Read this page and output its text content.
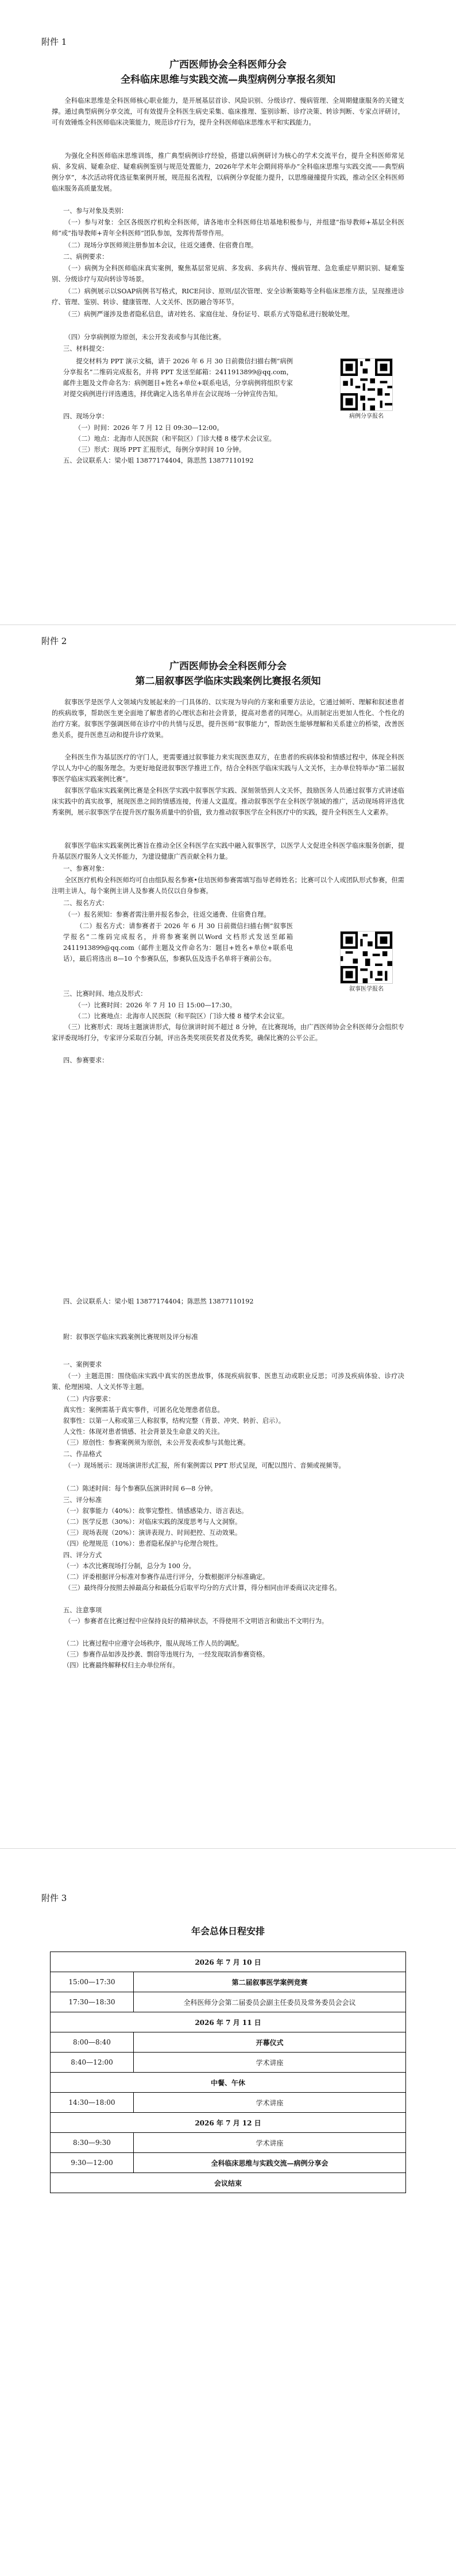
附件 1
广西医师协会全科医师分会
全科临床思维与实践交流—典型病例分享报名须知
全科临床思维是全科医师核心职业能力，是开展基层首诊、风险识别、分级诊疗、慢病管理、全周期健康服务的关键支撑。通过典型病例分享交流，可有效提升全科医生病史采集、临床推理、鉴别诊断、诊疗决策、转诊判断、专家点评研讨，可有效锤炼全科医师临床决策能力，规范诊疗行为，提升全科医师临床思维水平和实践能力。
为强化全科医师临床思维训练，推广典型病例诊疗经验，搭建以病例研讨为核心的学术交流平台，提升全科医师常见病、多发病、疑难杂症、疑难病例鉴别与规范处置能力，2026年学术年会期间将举办“全科临床思维与实践交流——典型病例分享”，本次活动将优选征集案例开展，规范报名流程，以病例分享促能力提升，以思维碰撞提升实践，推动全区全科医师临床服务高质量发展。
一、参与对象及类别：
（一）参与对象：全区各级医疗机构全科医师，请各地市全科医师住培基地积极参与，并组建“指导教师+基层全科医师”或“指导教师+青年全科医师”团队参加，发挥传帮带作用。
（二）现场分享医师须注册参加本会议，往返交通费、住宿费自理。
二、病例要求：
（一）病例为全科医师临床真实案例，聚焦基层常见病、多发病、多病共存、慢病管理、急危重症早期识别、疑难鉴别、分级诊疗与双向转诊等场景。
（二）病例展示以SOAP病例书写格式，RICE问诊、原则/层次管理、安全诊断策略等全科临床思维方法，呈现推进诊疗、管理、鉴别、转诊、健康管理、人文关怀、医防融合等环节。
（三）病例严谨涉及患者隐私信息，请对姓名、家庭住址、身份证号、联系方式等隐私进行脱敏处理。
（四）分享病例原为原创，未公开发表或参与其他比赛。
三、材料提交：
提交材料为 PPT 演示文稿，请于 2026 年 6 月 30 日前微信扫描右侧“病例分享报名”二维码完成报名，并将 PPT 发送至邮箱：2411913899@qq.com，邮件主题及文件命名为：病例题目+姓名+单位+联系电话，分享病例将组织专家对提交病例进行评选遴选，择优确定入选名单并在会议现场一分钟宣传告知。
病例分享报名
四、现场分享：
（一）时间：2026 年 7 月 12 日 09:30—12:00。
（二）地点：北海市人民医院（和平院区）门诊大楼 8 楼学术会议室。
（三）形式：现场 PPT 汇报形式，每例分享时间 10 分钟。
五、会议联系人：梁小姐 13877174404，陈思然 13877110192
附件 2
广西医师协会全科医师分会
第二届叙事医学临床实践案例比赛报名须知
叙事医学是医学人文领域内发展起来的一门具体的、以实现为导向的方案和重要方法论，它通过倾听、理解和叙述患者的疾病故事，帮助医生更全面地了解患者的心理状态和社会背景，提高对患者的同理心。从而制定出更加人性化、个性化的治疗方案。叙事医学强调医师在诊疗中的共情与反思，提升医师“叙事能力”，帮助医生能够理解和关系建立的桥梁，改善医患关系，提升医患互动和提升诊疗效果。
全科医生作为基层医疗的守门人，更需要通过叙事能力来实现医患双方，在患者的疾病体验和情感过程中，体现全科医学以人为中心的服务理念。为更好地促进叙事医学推进工作，结合全科医学临床实践与人文关怀，主办单位特举办“第二届叙事医学临床实践案例比赛”。
叙事医学临床实践案例比赛是全科医学实践中叙事医学实践、深刻领悟到人文关怀，鼓励医务人员通过叙事方式讲述临床实践中的真实故事，展现医患之间的情感连接，传递人文温度。推动叙事医学在全科医学领域的推广，活动现场将评选优秀案例，展示叙事医学在提升医疗服务质量中的价值，致力推动叙事医学在全科医疗中的实践，提升全科医生人文素养。
叙事医学临床实践案例比赛旨在推动全区全科医学在实践中融入叙事医学，以医学人文促进全科医学临床服务创新，提升基层医疗服务人文关怀能力，为建设健康广西贡献全科力量。
一、参赛对象：
全区医疗机构全科医师均可自由组队报名参赛•住培医师参赛需填写指导老师姓名；比赛可以个人或团队形式参赛，但需注明主讲人，每个案例主讲人及参赛人员仅以自身参赛。
二、报名方式：
（一）报名须知：参赛者需注册并报名参会，往返交通费、住宿费自理。
（二）报名方式：请参赛者于 2026 年 6 月 30 日前微信扫描右侧“叙事医学报名”二维码完成报名，并将参赛案例以Word 文档形式发送至邮箱 2411913899@qq.com（邮件主题及文件命名为：题目+姓名+单位+联系电话），最后将选出 8—10 个参赛队伍，参赛队伍及选手名单将于赛前公布。
叙事医学报名
三、比赛时间、地点及形式：
（一）比赛时间：2026 年 7 月 10 日 15:00—17:30。
（二）比赛地点：北海市人民医院（和平院区）门诊大楼 8 楼学术会议室。
（三）比赛形式：现场主题演讲形式，每位演讲时间不超过 8 分钟，在比赛现场，由广西医师协会全科医师分会组织专家评委现场打分，专家评分采取百分制，评出各类奖项获奖者及优秀奖，确保比赛的公平公正。
四、参赛要求：
四、会议联系人：梁小姐 13877174404；陈思然 13877110192
附：叙事医学临床实践案例比赛规则及评分标准
一、案例要求
（一）主题范围：围绕临床实践中真实的医患故事，体现疾病叙事、医患互动或职业反思；可涉及疾病体验、诊疗决策、伦理困境、人文关怀等主题。
（二）内容要求：
真实性：案例需基于真实事件，可匿名化处理患者信息。
叙事性：以第一人称或第三人称叙事，结构完整（背景、冲突、转折、启示）。
人文性：体现对患者情感、社会背景及生命意义的关注。
（三）原创性：参赛案例须为原创，未公开发表或参与其他比赛。
二、作品格式
（一）现场展示：现场演讲形式汇报，所有案例需以 PPT 形式呈现，可配以图片、音频或视频等。
（二）陈述时间：每个参赛队伍演讲时间 6—8 分钟。
三、评分标准
（一）叙事能力（40%）：故事完整性、情感感染力、语言表达。
（二）医学反思（30%）：对临床实践的深度思考与人文洞察。
（三）现场表现（20%）：演讲表现力、时间把控、互动效果。
（四）伦理规范（10%）：患者隐私保护与伦理合规性。
四、评分方式
（一）本次比赛现场打分制，总分为 100 分。
（二）评委根据评分标准对参赛作品进行评分，分数根据评分标准确定。
（三）最终得分按照去掉最高分和最低分后取平均分的方式计算，得分相同由评委商议决定排名。
五、注意事项
（一）参赛者在比赛过程中应保持良好的精神状态，不得使用不文明语言和做出不文明行为。
（二）比赛过程中应遵守会场秩序，服从现场工作人员的调配。
（三）参赛作品如涉及抄袭、剽窃等违规行为，一经发现取消参赛资格。
（四）比赛最终解释权归主办单位所有。
附件 3
年会总体日程安排
2026 年 7 月 10 日	
15:00—17:30	第二届叙事医学案例竞赛
17:30—18:30	全科医师分会第二届委员会副主任委员及常务委员会会议
2026 年 7 月 11 日	
8:00—8:40	开幕仪式
8:40—12:00	学术讲座
中餐、午休	
14:30—18:00	学术讲座
2026 年 7 月 12 日	
8:30—9:30	学术讲座
9:30—12:00	全科临床思维与实践交流—病例分享会
会议结束	
